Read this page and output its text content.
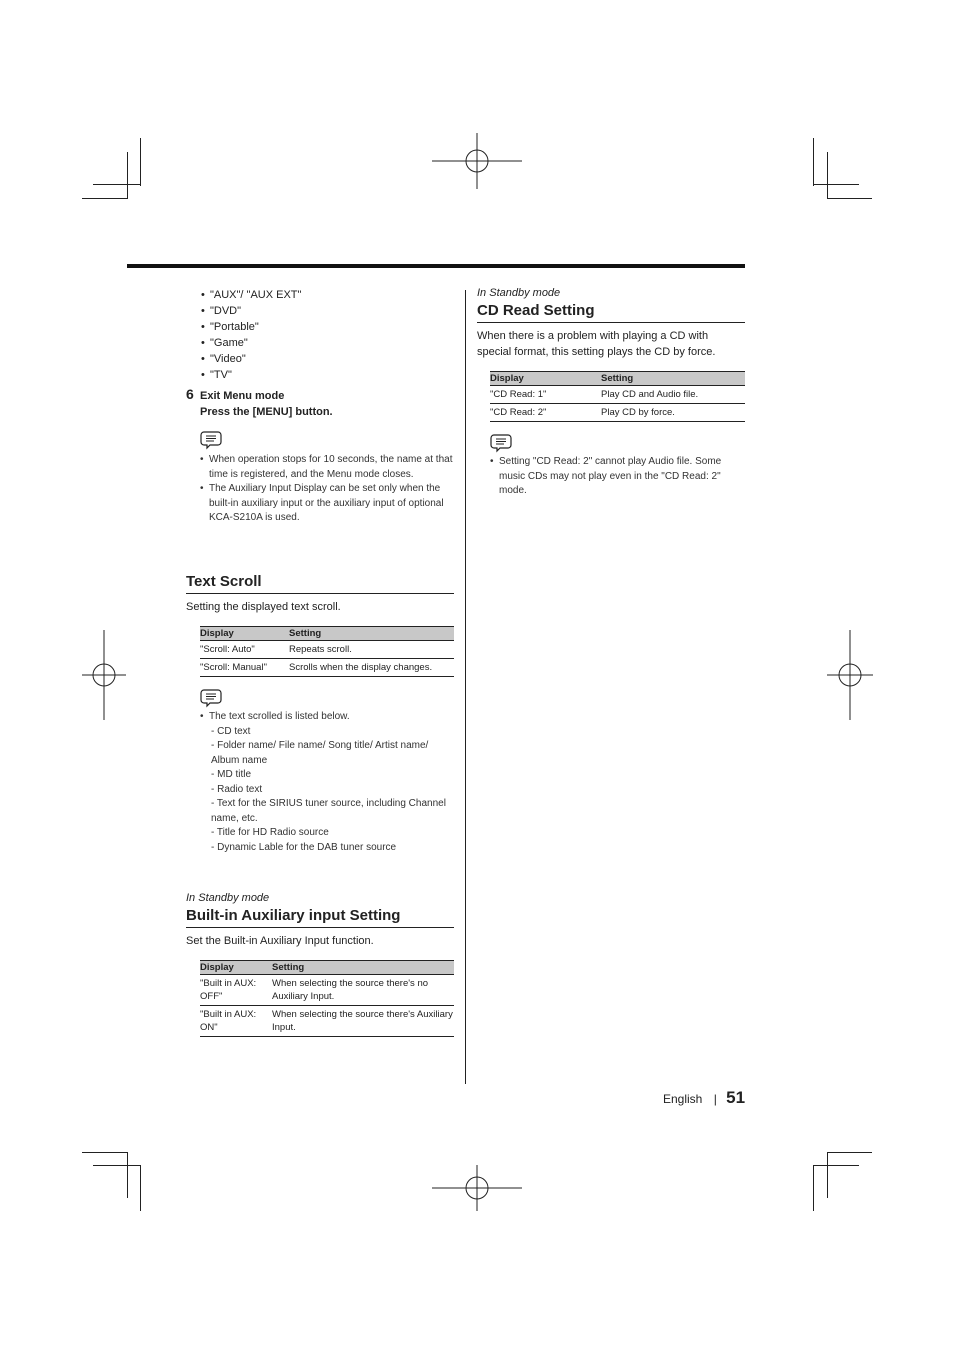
• "AUX"/ "AUX EXT"
• "DVD"
• "Portable"
• "Game"
• "Video"
• "TV"
6 Exit Menu mode
Press the [MENU] button.
• When operation stops for 10 seconds, the name at that time is registered, and the Menu mode closes.
• The Auxiliary Input Display can be set only when the built-in auxiliary input or the auxiliary input of optional KCA-S210A is used.
Text Scroll
Setting the displayed text scroll.
Display	Setting
"Scroll: Auto"	Repeats scroll.
"Scroll: Manual"	Scrolls when the display changes.
• The text scrolled is listed below.
- CD text
- Folder name/ File name/ Song title/ Artist name/ Album name
- MD title
- Radio text
- Text for the SIRIUS tuner source, including Channel name, etc.
- Title for HD Radio source
- Dynamic Lable for the DAB tuner source
In Standby mode
Built-in Auxiliary input Setting
Set the Built-in Auxiliary Input function.
Display	Setting
"Built in AUX: OFF"	When selecting the source there's no Auxiliary Input.
"Built in AUX: ON"	When selecting the source there's Auxiliary Input.
In Standby mode
CD Read Setting
When there is a problem with playing a CD with special format, this setting plays the CD by force.
Display	Setting
"CD Read: 1"	Play CD and Audio file.
"CD Read: 2"	Play CD by force.
• Setting "CD Read: 2" cannot play Audio file. Some music CDs may not play even in the "CD Read: 2" mode.
English | 51
